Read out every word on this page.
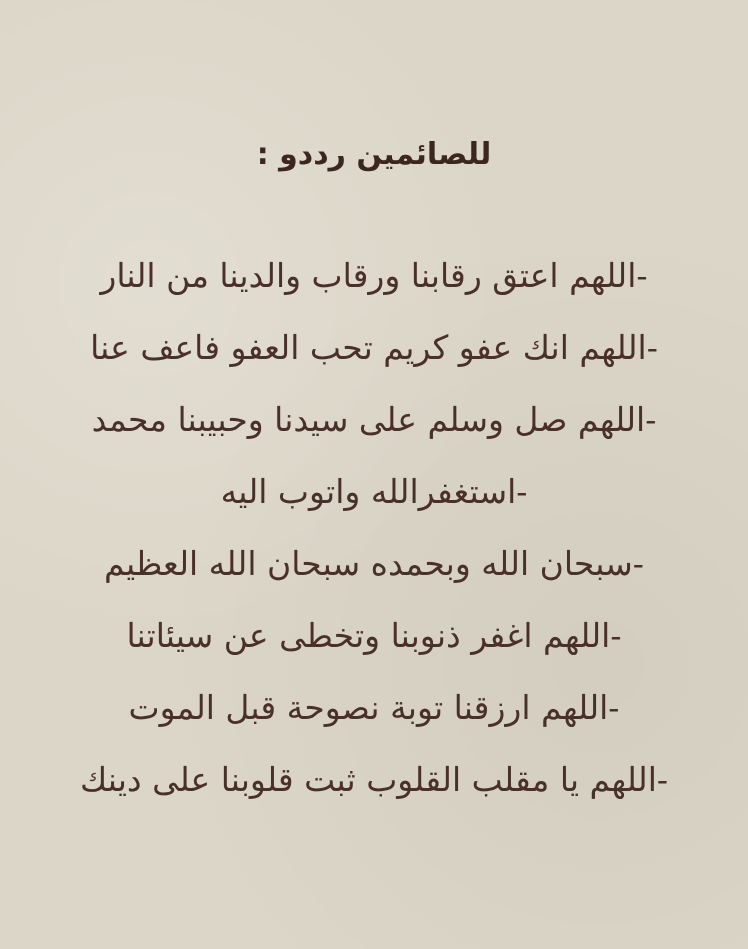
للصائمين رددو :
-اللهم اعتق رقابنا ورقاب والدينا من النار
-اللهم انك عفو كريم تحب العفو فاعف عنا
-اللهم صل وسلم على سيدنا وحبيبنا محمد
-استغفرالله واتوب اليه
-سبحان الله وبحمده سبحان الله العظيم
-اللهم اغفر ذنوبنا وتخطى عن سيئاتنا
-اللهم ارزقنا توبة نصوحة قبل الموت
-اللهم يا مقلب القلوب ثبت قلوبنا على دينك
